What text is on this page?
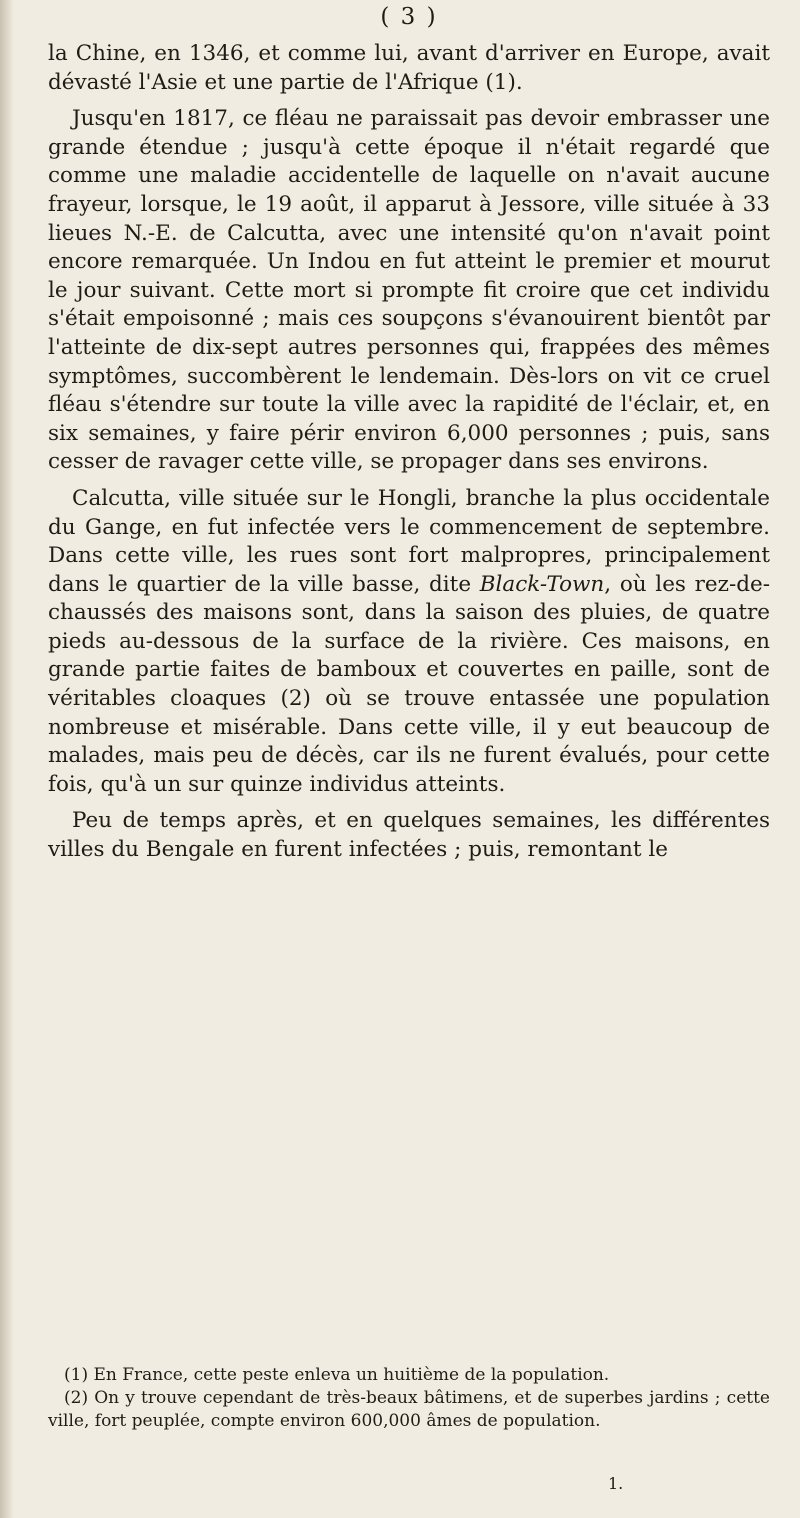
( 3 )

la Chine, en 1346, et comme lui, avant d'arriver en Europe, avait dévasté l'Asie et une partie de l'Afrique (1).

Jusqu'en 1817, ce fléau ne paraissait pas devoir embrasser une grande étendue ; jusqu'à cette époque il n'était regardé que comme une maladie accidentelle de laquelle on n'avait aucune frayeur, lorsque, le 19 août, il apparut à Jessore, ville située à 33 lieues N.-E. de Calcutta, avec une intensité qu'on n'avait point encore remarquée. Un Indou en fut atteint le premier et mourut le jour suivant. Cette mort si prompte fit croire que cet individu s'était empoisonné ; mais ces soupçons s'évanouirent bientôt par l'atteinte de dix-sept autres personnes qui, frappées des mêmes symptômes, succombèrent le lendemain. Dès-lors on vit ce cruel fléau s'étendre sur toute la ville avec la rapidité de l'éclair, et, en six semaines, y faire périr environ 6,000 personnes ; puis, sans cesser de ravager cette ville, se propager dans ses environs.

Calcutta, ville située sur le Hongli, branche la plus occidentale du Gange, en fut infectée vers le commencement de septembre. Dans cette ville, les rues sont fort malpropres, principalement dans le quartier de la ville basse, dite Black-Town, où les rez-de-chaussés des maisons sont, dans la saison des pluies, de quatre pieds au-dessous de la surface de la rivière. Ces maisons, en grande partie faites de bamboux et couvertes en paille, sont de véritables cloaques (2) où se trouve entassée une population nombreuse et misérable. Dans cette ville, il y eut beaucoup de malades, mais peu de décès, car ils ne furent évalués, pour cette fois, qu'à un sur quinze individus atteints.

Peu de temps après, et en quelques semaines, les différentes villes du Bengale en furent infectées ; puis, remontant le

(1) En France, cette peste enleva un huitième de la population.

(2) On y trouve cependant de très-beaux bâtimens, et de superbes jardins ; cette ville, fort peuplée, compte environ 600,000 âmes de population.

1.
